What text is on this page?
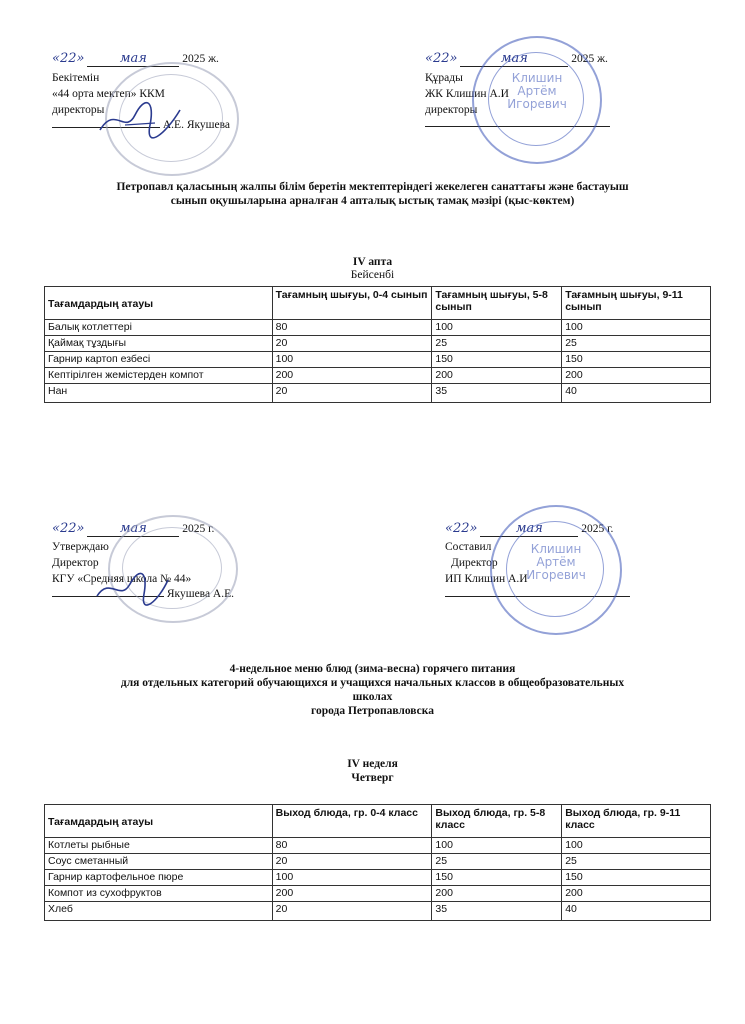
«22»	мая	2025 ж.
Бекітемін
«44 орта мектеп» ККМ
директоры
А.Е. Якушева
«22»	мая	2025 ж.
Құрады
ЖК Клишин А.И
директоры
Клишин
Артём
Игоревич
Петропавл қаласының жалпы білім беретін мектептеріндегі жекелеген санаттағы және бастауыш
сынып оқушыларына арналған 4 апталық ыстық тамақ мәзірі (қыс-көктем)
IV апта
Бейсенбі
Тағамдардың атауы	Тағамның шығуы, 0-4 сынып	Тағамның шығуы, 5-8 сынып	Тағамның шығуы, 9-11 сынып
Балық котлеттері	80	100	100
Қаймақ тұздығы	20	25	25
Гарнир картоп езбесі	100	150	150
Кептірілген жемістерден компот	200	200	200
Нан	20	35	40
«22»	мая	2025 г.
Утверждаю
Директор
КГУ «Средняя школа № 44»
Якушева А.Е.
«22»	мая	2025 г.
Составил
Директор
ИП Клишин А.И
Клишин
Артём
Игоревич
4-недельное меню блюд (зима-весна) горячего питания
для отдельных категорий обучающихся и учащихся начальных классов в общеобразовательных
школах
города Петропавловска
IV неделя
Четверг
Тағамдардың атауы	Выход блюда, гр. 0-4 класс	Выход блюда, гр. 5-8 класс	Выход блюда, гр. 9-11 класс
Котлеты рыбные	80	100	100
Соус сметанный	20	25	25
Гарнир картофельное пюре	100	150	150
Компот из сухофруктов	200	200	200
Хлеб	20	35	40
